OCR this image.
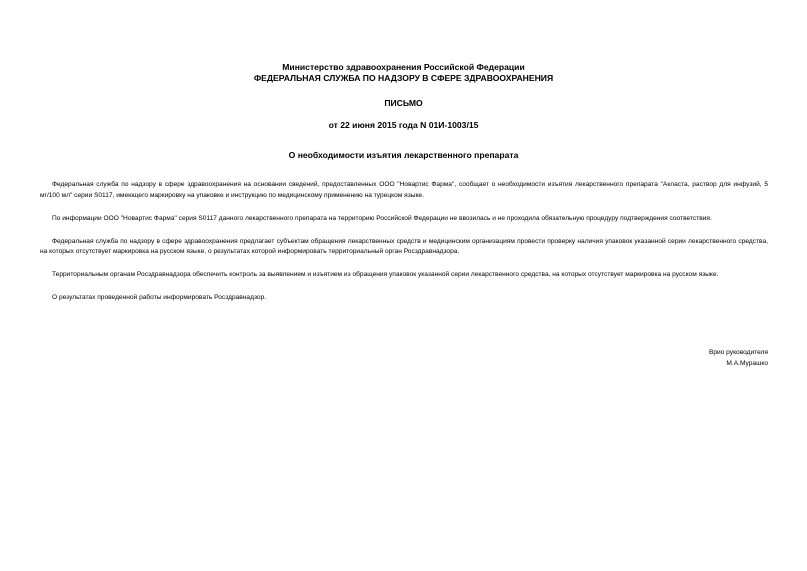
Министерство здравоохранения Российской Федерации
ФЕДЕРАЛЬНАЯ СЛУЖБА ПО НАДЗОРУ В СФЕРЕ ЗДРАВООХРАНЕНИЯ
ПИСЬМО
от 22 июня 2015 года N 01И-1003/15
О необходимости изъятия лекарственного препарата

Федеральная служба по надзору в сфере здравоохранения на основании сведений, предоставленных ООО "Новартис Фарма", сообщает о необходимости изъятия лекарственного препарата "Акласта, раствор для инфузий, 5 мг/100 мл" серии S0117, имеющего маркировку на упаковке и инструкцию по медицинскому применению на турецком языке.

По информации ООО "Новартис Фарма" серия S0117 данного лекарственного препарата на территорию Российской Федерации не ввозилась и не проходила обязательную процедуру подтверждения соответствия.

Федеральная служба по надзору в сфере здравоохранения предлагает субъектам обращения лекарственных средств и медицинским организациям провести проверку наличия упаковок указанной серии лекарственного средства, на которых отсутствует маркировка на русском языке, о результатах которой информировать территориальный орган Росздравнадзора.

Территориальным органам Росздравнадзора обеспечить контроль за выявлением и изъятием из обращения упаковок указанной серии лекарственного средства, на которых отсутствует маркировка на русском языке.

О результатах проведенной работы информировать Росздравнадзор.

Врио руководителя
М.А.Мурашко
